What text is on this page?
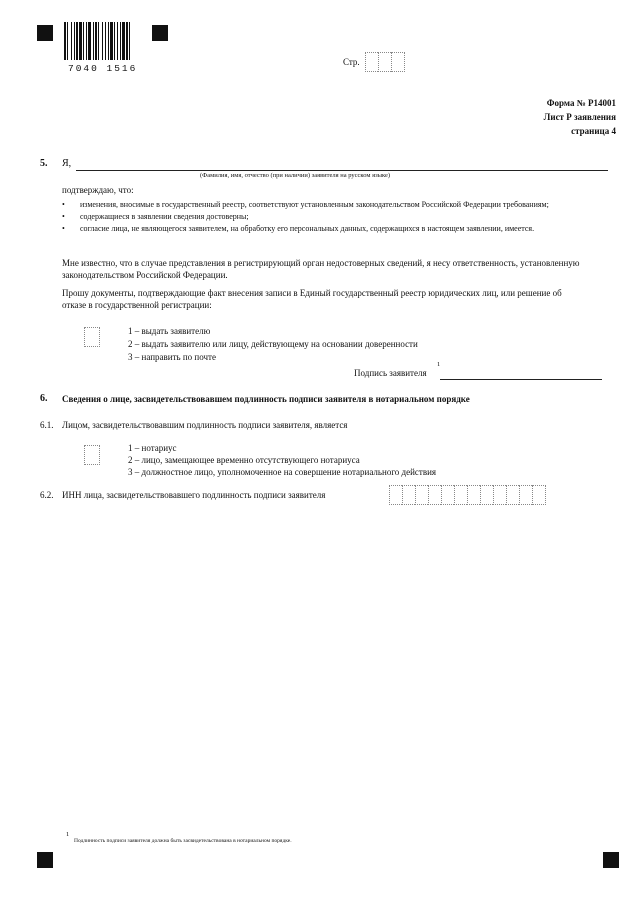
7040 1516
Стр.
Форма № Р14001
Лист Р заявления
страница 4
5. Я,
(Фамилия, имя, отчество (при наличии) заявителя на русском языке)
подтверждаю, что:
•	изменения, вносимые в государственный реестр, соответствуют установленным законодательством Российской Федерации требованиям;
•	содержащиеся в заявлении сведения достоверны;
•	согласие лица, не являющегося заявителем, на обработку его персональных данных, содержащихся в настоящем заявлении, имеется.
Мне известно, что в случае представления в регистрирующий орган недостоверных сведений, я несу ответственность, установленную законодательством Российской Федерации.
Прошу документы, подтверждающие факт внесения записи в Единый государственный реестр юридических лиц, или решение об отказе в государственной регистрации:
1 – выдать заявителю
2 – выдать заявителю или лицу, действующему на основании доверенности
3 – направить по почте
Подпись заявителя
1
6. Сведения о лице, засвидетельствовавшем подлинность подписи заявителя в нотариальном порядке
6.1. Лицом, засвидетельствовавшим подлинность подписи заявителя, является
1 – нотариус
2 – лицо, замещающее временно отсутствующего нотариуса
3 – должностное лицо, уполномоченное на совершение нотариального действия
6.2. ИНН лица, засвидетельствовавшего подлинность подписи заявителя
1
Подлинность подписи заявителя должна быть засвидетельствована в нотариальном порядке.
